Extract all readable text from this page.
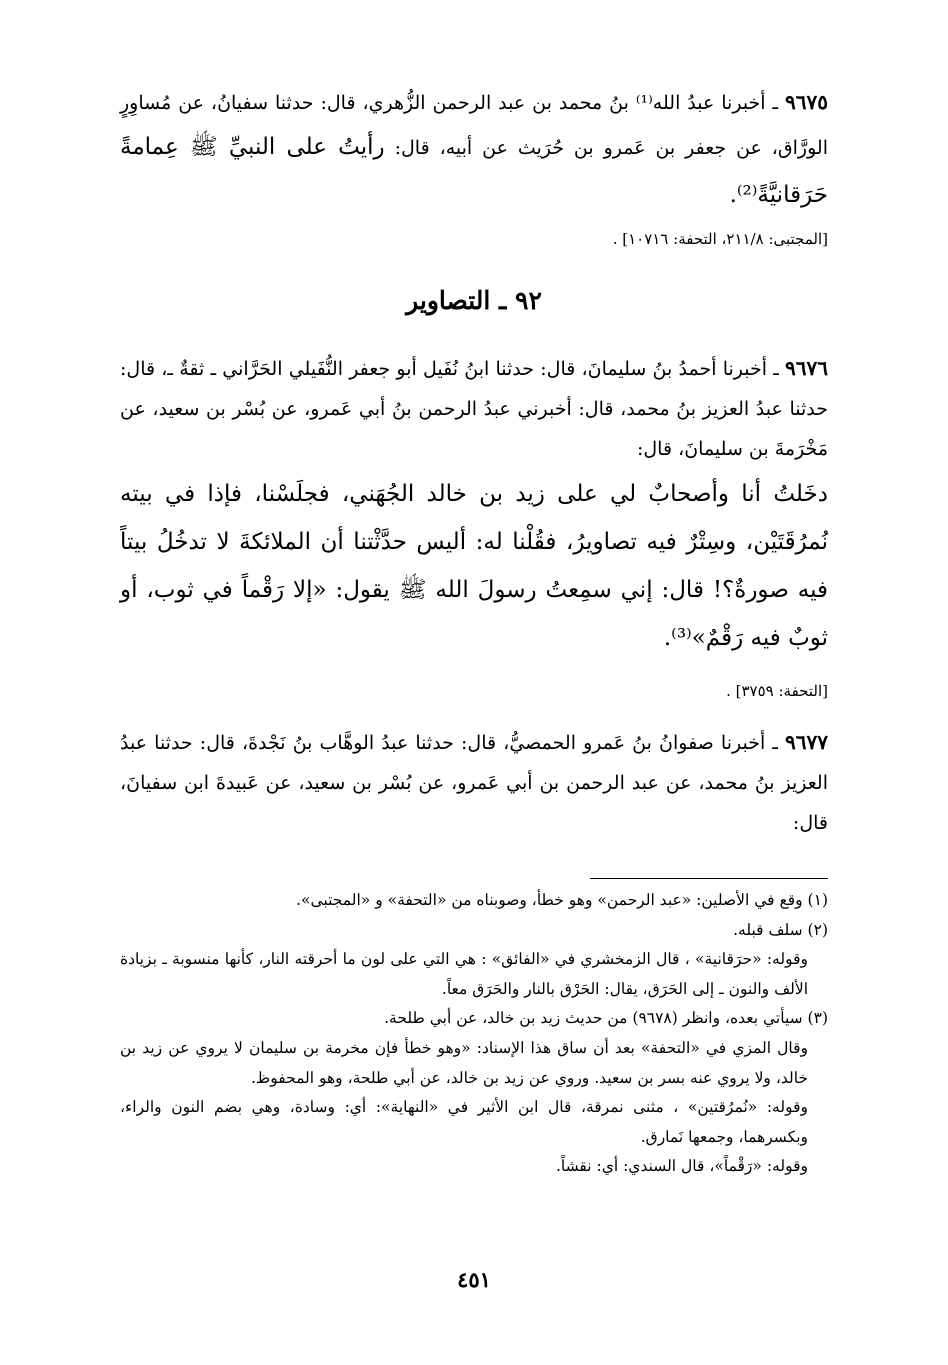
٩٦٧٥ ـ أخبرنا عبدُ الله⁽¹⁾ بنُ محمد بن عبد الرحمن الزُّهري، قال: حدثنا سفيانُ، عن مُساوِرٍ الورَّاق، عن جعفر بن عَمرو بن حُرَيث عن أبيه، قال: رأيتُ على النبيِّ ﷺ عِمامةً حَرَقانيَّةً⁽²⁾.
[المجتبى: ٢١١/٨، التحفة: ١٠٧١٦] .
٩٢ ـ التصاوير
٩٦٧٦ ـ أخبرنا أحمدُ بنُ سليمانَ، قال: حدثنا ابنُ نُفَيل أبو جعفر النُّفَيلي الحَرَّاني ـ ثقةٌ ـ، قال: حدثنا عبدُ العزيز بنُ محمد، قال: أخبرني عبدُ الرحمن بنُ أبي عَمرو، عن بُسْر بن سعيد، عن مَخْرَمةَ بن سليمانَ، قال:
دخَلتُ أنا وأصحابٌ لي على زيد بن خالد الجُهَني، فجلَسْنا، فإذا في بيته نُمرُقَتَيْن، وسِتْرٌ فيه تصاويرُ، فقُلْنا له: أليس حدَّثْتنا أن الملائكةَ لا تدخُلُ بيتاً فيه صورةٌ؟! قال: إني سمِعتُ رسولَ الله ﷺ يقول: «إلا رَقْماً في ثوب، أو ثوبٌ فيه رَقْمٌ»⁽³⁾.
[التحفة: ٣٧٥٩] .
٩٦٧٧ ـ أخبرنا صفوانُ بنُ عَمرو الحمصيُّ، قال: حدثنا عبدُ الوهَّاب بنُ نَجْدةَ، قال: حدثنا عبدُ العزيز بنُ محمد، عن عبد الرحمن بن أبي عَمرو، عن بُسْر بن سعيد، عن عَبيدةَ ابن سفيانَ، قال:

(١) وقع في الأصلين: «عبد الرحمن» وهو خطأ، وصوبناه من «التحفة» و «المجتبى».

(٢) سلف قبله.

وقوله: «حرَقانية» ، قال الزمخشري في «الفائق» : هي التي على لون ما أحرقته النار، كأنها منسوبة ـ بزيادة الألف والنون ـ إلى الحَرَق، يقال: الحَرْق بالنار والحَرَق معاً.

(٣) سيأتي بعده، وانظر (٩٦٧٨) من حديث زيد بن خالد، عن أبي طلحة.

وقال المزي في «التحفة» بعد أن ساق هذا الإسناد: «وهو خطأ فإن مخرمة بن سليمان لا يروي عن زيد بن خالد، ولا يروي عنه بسر بن سعيد. وروي عن زيد بن خالد، عن أبي طلحة، وهو المحفوظ.

وقوله: «نُمرُقتين» ، مثنى نمرقة، قال ابن الأثير في «النهاية»: أي: وسادة، وهي بضم النون والراء، وبكسرهما، وجمعها نَمارق.

وقوله: «رَقْماً»، قال السندي: أي: نقشاً.

٤٥١
